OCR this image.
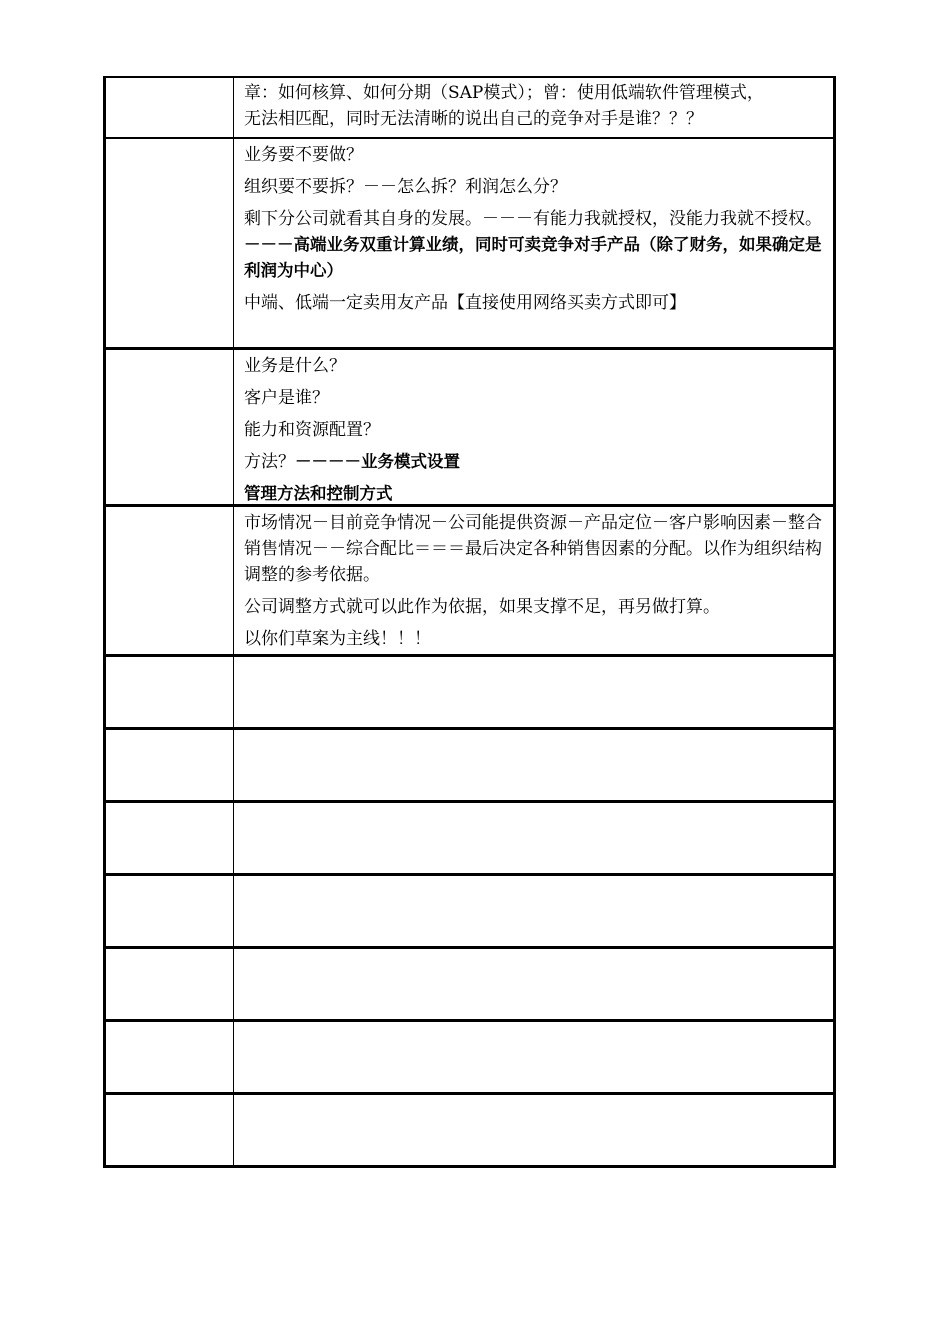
章：如何核算、如何分期（SAP模式）；曾：使用低端软件管理模式，

无法相匹配，同时无法清晰的说出自己的竞争对手是谁？？？

业务要不要做？

组织要不要拆？－－怎么拆？利润怎么分？

剩下分公司就看其自身的发展。－－－有能力我就授权，没能力我就不授权。－－－高端业务双重计算业绩，同时可卖竞争对手产品（除了财务，如果确定是利润为中心）

中端、低端一定卖用友产品【直接使用网络买卖方式即可】

业务是什么？

客户是谁？

能力和资源配置？

方法？－－－－业务模式设置

管理方法和控制方式

市场情况－目前竞争情况－公司能提供资源－产品定位－客户影响因素－整合销售情况－－综合配比＝＝＝最后决定各种销售因素的分配。以作为组织结构调整的参考依据。

公司调整方式就可以此作为依据，如果支撑不足，再另做打算。

以你们草案为主线！！！
